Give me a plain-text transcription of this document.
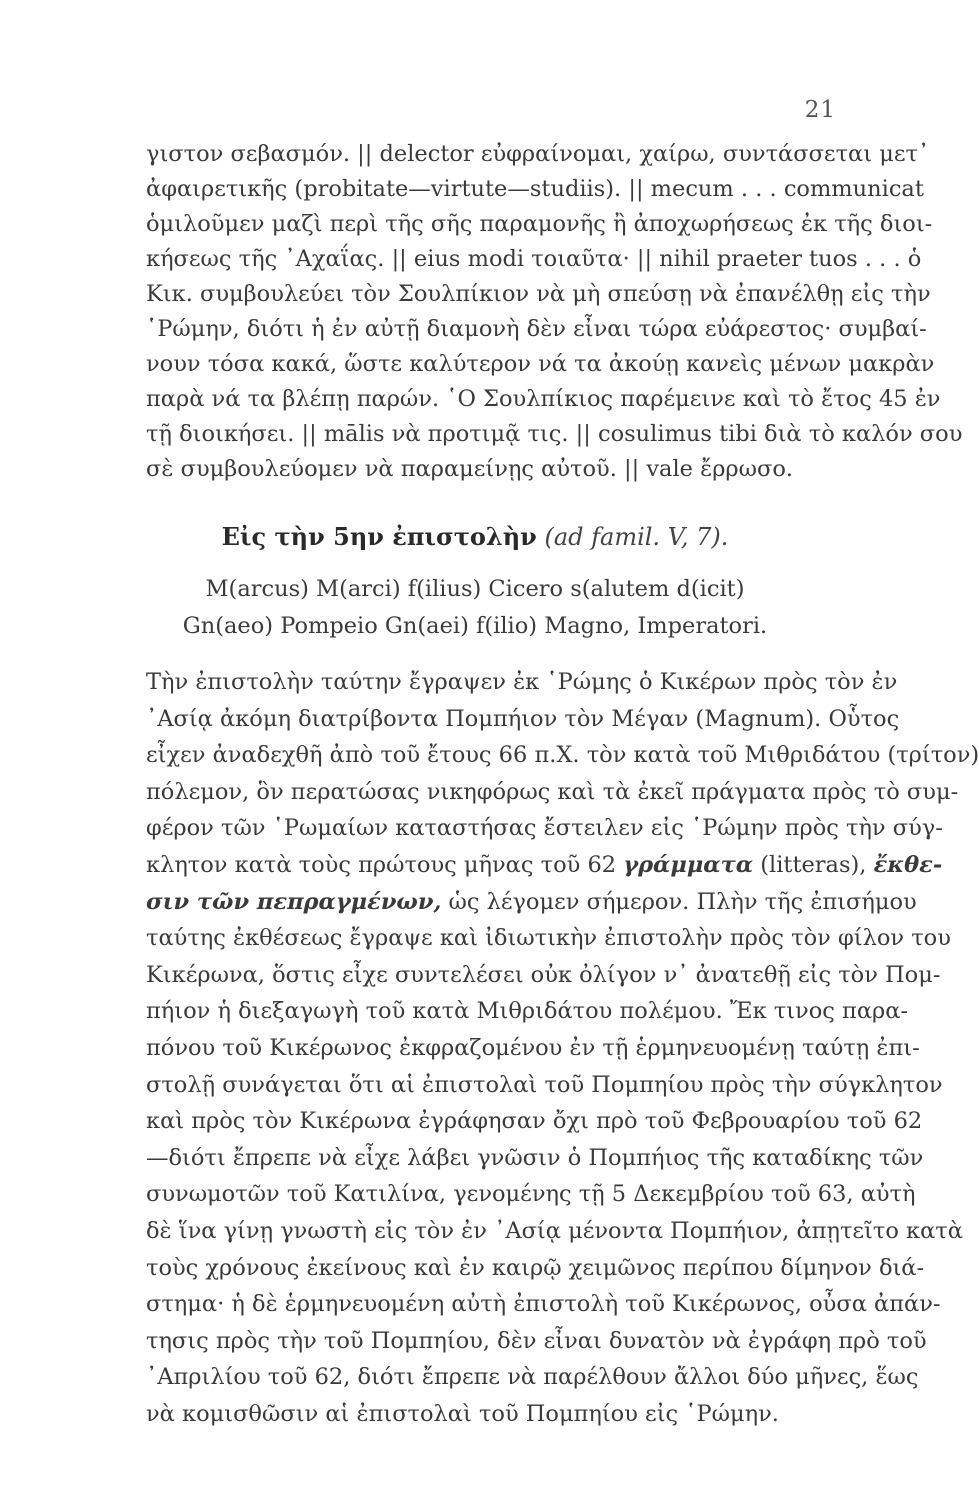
21
γιστον σεβασμόν. || delector εὐφραίνομαι, χαίρω, συντάσσεται μετ᾽
ἀφαιρετικῆς (probitate—virtute—studiis). || mecum . . . communicat
ὁμιλοῦμεν μαζὶ περὶ τῆς σῆς παραμονῆς ἢ ἀποχωρήσεως ἐκ τῆς διοι-
κήσεως τῆς ᾽Αχαΐας. || eius modi τοιαῦτα· || nihil praeter tuos . . . ὁ
Κικ. συμβουλεύει τὸν Σουλπίκιον νὰ μὴ σπεύσῃ νὰ ἐπανέλθῃ εἰς τὴν
῾Ρώμην, διότι ἡ ἐν αὐτῇ διαμονὴ δὲν εἶναι τώρα εὐάρεστος· συμβαί-
νουν τόσα κακά, ὥστε καλύτερον νά τα ἀκούῃ κανεὶς μένων μακρὰν
παρὰ νά τα βλέπῃ παρών. ῾Ο Σουλπίκιος παρέμεινε καὶ τὸ ἔτος 45 ἐν
τῇ διοικήσει. || mālis νὰ προτιμᾷ τις. || cosulimus tibi διὰ τὸ καλόν σου
σὲ συμβουλεύομεν νὰ παραμείνῃς αὐτοῦ. || vale ἔρρωσο.
Εἰς τὴν 5ην ἐπιστολὴν (ad famil. V, 7).
M(arcus) M(arci) f(ilius) Cicero s(alutem d(icit)
Gn(aeo) Pompeio Gn(aei) f(ilio) Magno, Imperatori.
Τὴν ἐπιστολὴν ταύτην ἔγραψεν ἐκ ῾Ρώμης ὁ Κικέρων πρὸς τὸν ἐν
᾽Ασίᾳ ἀκόμη διατρίβοντα Πομπήιον τὸν Μέγαν (Magnum). Οὗτος
εἶχεν ἀναδεχθῆ ἀπὸ τοῦ ἔτους 66 π.Χ. τὸν κατὰ τοῦ Μιθριδάτου (τρίτον)
πόλεμον, ὃν περατώσας νικηφόρως καὶ τὰ ἐκεῖ πράγματα πρὸς τὸ συμ-
φέρον τῶν ῾Ρωμαίων καταστήσας ἔστειλεν εἰς ῾Ρώμην πρὸς τὴν σύγ-
κλητον κατὰ τοὺς πρώτους μῆνας τοῦ 62 γράμματα (litteras), ἔκθε-
σιν τῶν πεπραγμένων, ὡς λέγομεν σήμερον. Πλὴν τῆς ἐπισήμου
ταύτης ἐκθέσεως ἔγραψε καὶ ἰδιωτικὴν ἐπιστολὴν πρὸς τὸν φίλον του
Κικέρωνα, ὅστις εἶχε συντελέσει οὐκ ὀλίγον ν᾽ ἀνατεθῇ εἰς τὸν Πομ-
πήιον ἡ διεξαγωγὴ τοῦ κατὰ Μιθριδάτου πολέμου. Ἔκ τινος παρα-
πόνου τοῦ Κικέρωνος ἐκφραζομένου ἐν τῇ ἑρμηνευομένῃ ταύτῃ ἐπι-
στολῇ συνάγεται ὅτι αἱ ἐπιστολαὶ τοῦ Πομπηίου πρὸς τὴν σύγκλητον
καὶ πρὸς τὸν Κικέρωνα ἐγράφησαν ὄχι πρὸ τοῦ Φεβρουαρίου τοῦ 62
—διότι ἔπρεπε νὰ εἶχε λάβει γνῶσιν ὁ Πομπήιος τῆς καταδίκης τῶν
συνωμοτῶν τοῦ Κατιλίνα, γενομένης τῇ 5 Δεκεμβρίου τοῦ 63, αὐτὴ
δὲ ἵνα γίνῃ γνωστὴ εἰς τὸν ἐν ᾽Ασίᾳ μένοντα Πομπήιον, ἀπῃτεῖτο κατὰ
τοὺς χρόνους ἐκείνους καὶ ἐν καιρῷ χειμῶνος περίπου δίμηνον διά-
στημα· ἡ δὲ ἑρμηνευομένη αὐτὴ ἐπιστολὴ τοῦ Κικέρωνος, οὖσα ἀπάν-
τησις πρὸς τὴν τοῦ Πομπηίου, δὲν εἶναι δυνατὸν νὰ ἐγράφη πρὸ τοῦ
᾽Απριλίου τοῦ 62, διότι ἔπρεπε νὰ παρέλθουν ἄλλοι δύο μῆνες, ἕως
νὰ κομισθῶσιν αἱ ἐπιστολαὶ τοῦ Πομπηίου εἰς ῾Ρώμην.
